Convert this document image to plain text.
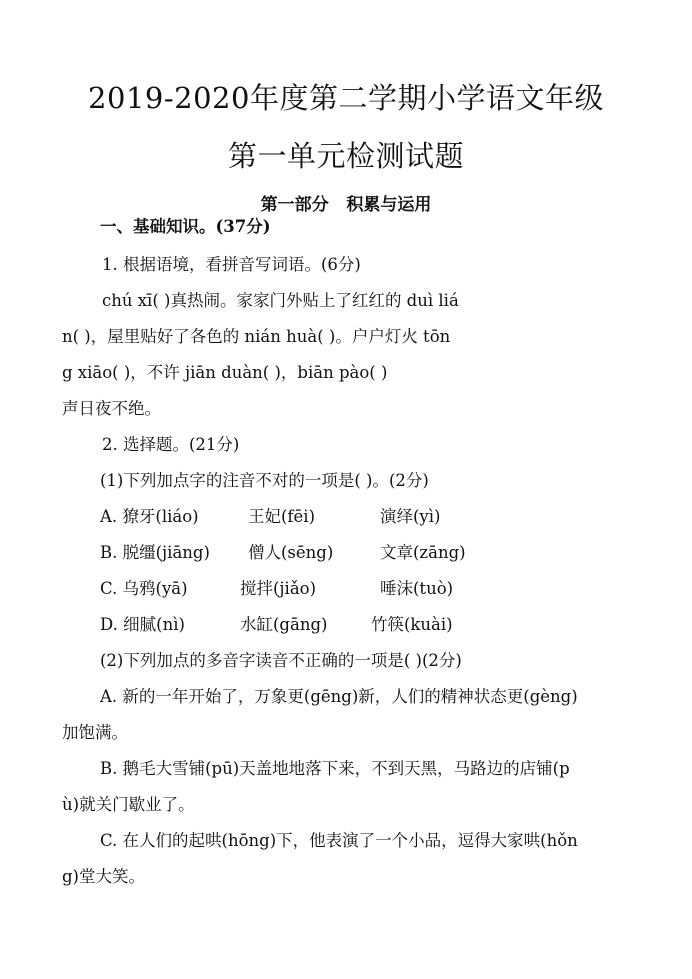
2019-2020年度第二学期小学语文年级
第一单元检测试题
第一部分   积累与运用
一、基础知识。(37分)
1. 根据语境，看拼音写词语。(6分)
chú xī( )真热闹。家家门外贴上了红红的 duì liá
n( )，屋里贴好了各色的 nián huà( )。户户灯火 tōn
g xiāo( )，不许 jiān duàn( )，biān pào( )
声日夜不绝。
2. 选择题。(21分)
(1)下列加点字的注音不对的一项是( )。(2分)
A. 獠牙(liáo)	王妃(fēi)	演绎(yì)
B. 脱缰(jiāng) 僧人(sēng)	文章(zāng)
C. 乌鸦(yā)	搅拌(jiǎo)	唾沫(tuò)
D. 细腻(nì)	水缸(gāng)	竹筷(kuài)
(2)下列加点的多音字读音不正确的一项是( )(2分)
A. 新的一年开始了，万象更(gēng)新，人们的精神状态更(gèng)
加饱满。
B. 鹅毛大雪铺(pū)天盖地地落下来，不到天黑，马路边的店铺(p
ù)就关门歇业了。
C. 在人们的起哄(hōng)下，他表演了一个小品，逗得大家哄(hǒn
g)堂大笑。
